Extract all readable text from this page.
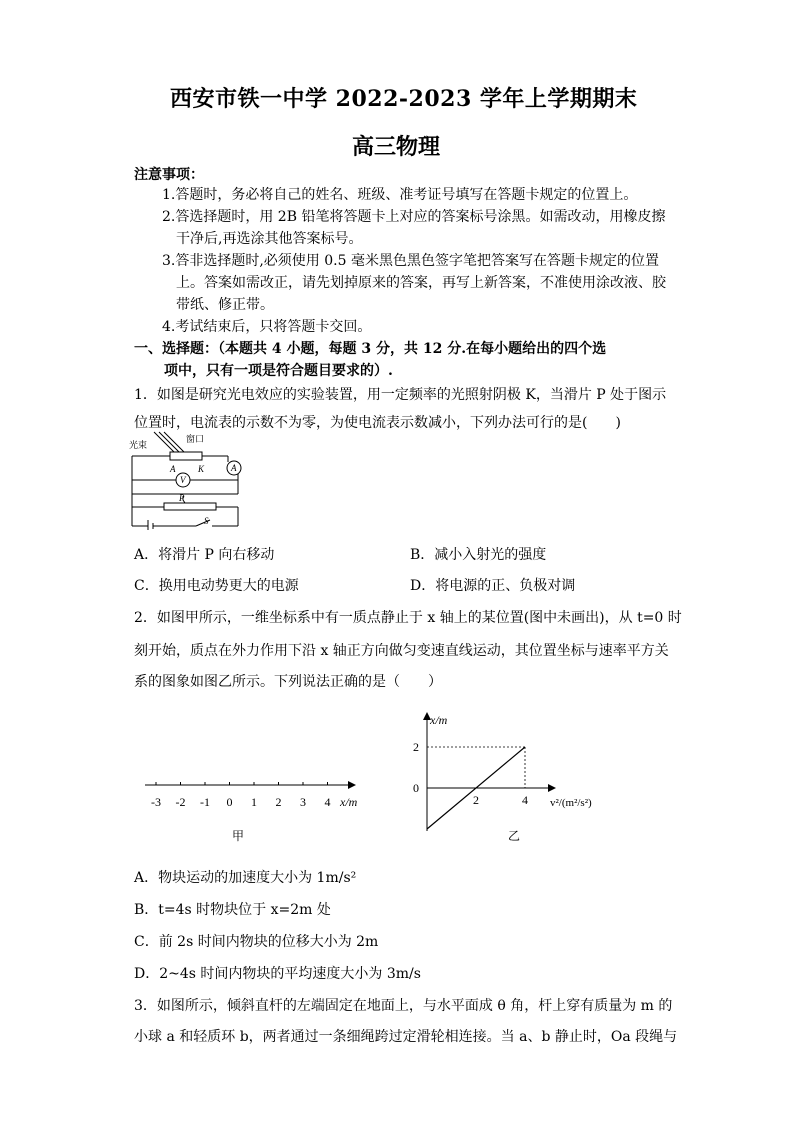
西安市铁一中学 2022-2023 学年上学期期末
高三物理
注意事项：
1.答题时，务必将自己的姓名、班级、准考证号填写在答题卡规定的位置上。
2.答选择题时，用 2B 铅笔将答题卡上对应的答案标号涂黑。如需改动，用橡皮擦
干净后,再选涂其他答案标号。
3.答非选择题时,必须使用 0.5 毫米黑色黑色签字笔把答案写在答题卡规定的位置
上。答案如需改正，请先划掉原来的答案，再写上新答案，不准使用涂改液、胶
带纸、修正带。
4.考试结束后，只将答题卡交回。
一、选择题：（本题共 4 小题，每题 3 分，共 12 分.在每小题给出的四个选
项中，只有一项是符合题目要求的）.
1．如图是研究光电效应的实验装置，用一定频率的光照射阴极 K，当滑片 P 处于图示
位置时，电流表的示数不为零，为使电流表示数减小，下列办法可行的是(　　)
光束
窗口
A	K	A
V
P
S
A．将滑片 P 向右移动	B．减小入射光的强度
C．换用电动势更大的电源	D．将电源的正、负极对调
2．如图甲所示，一维坐标系中有一质点静止于 x 轴上的某位置(图中未画出)，从 t=0 时
刻开始，质点在外力作用下沿 x 轴正方向做匀变速直线运动，其位置坐标与速率平方关
系的图象如图乙所示。下列说法正确的是（　　）
-3 -2 -1 0 1 2 3 4 x/m
甲
2	4
0
2
x/m
v²/(m²/s²)
乙
A．物块运动的加速度大小为 1m/s²
B．t=4s 时物块位于 x=2m 处
C．前 2s 时间内物块的位移大小为 2m
D．2~4s 时间内物块的平均速度大小为 3m/s
3．如图所示，倾斜直杆的左端固定在地面上，与水平面成 θ 角，杆上穿有质量为 m 的
小球 a 和轻质环 b，两者通过一条细绳跨过定滑轮相连接。当 a、b 静止时，Oa 段绳与
